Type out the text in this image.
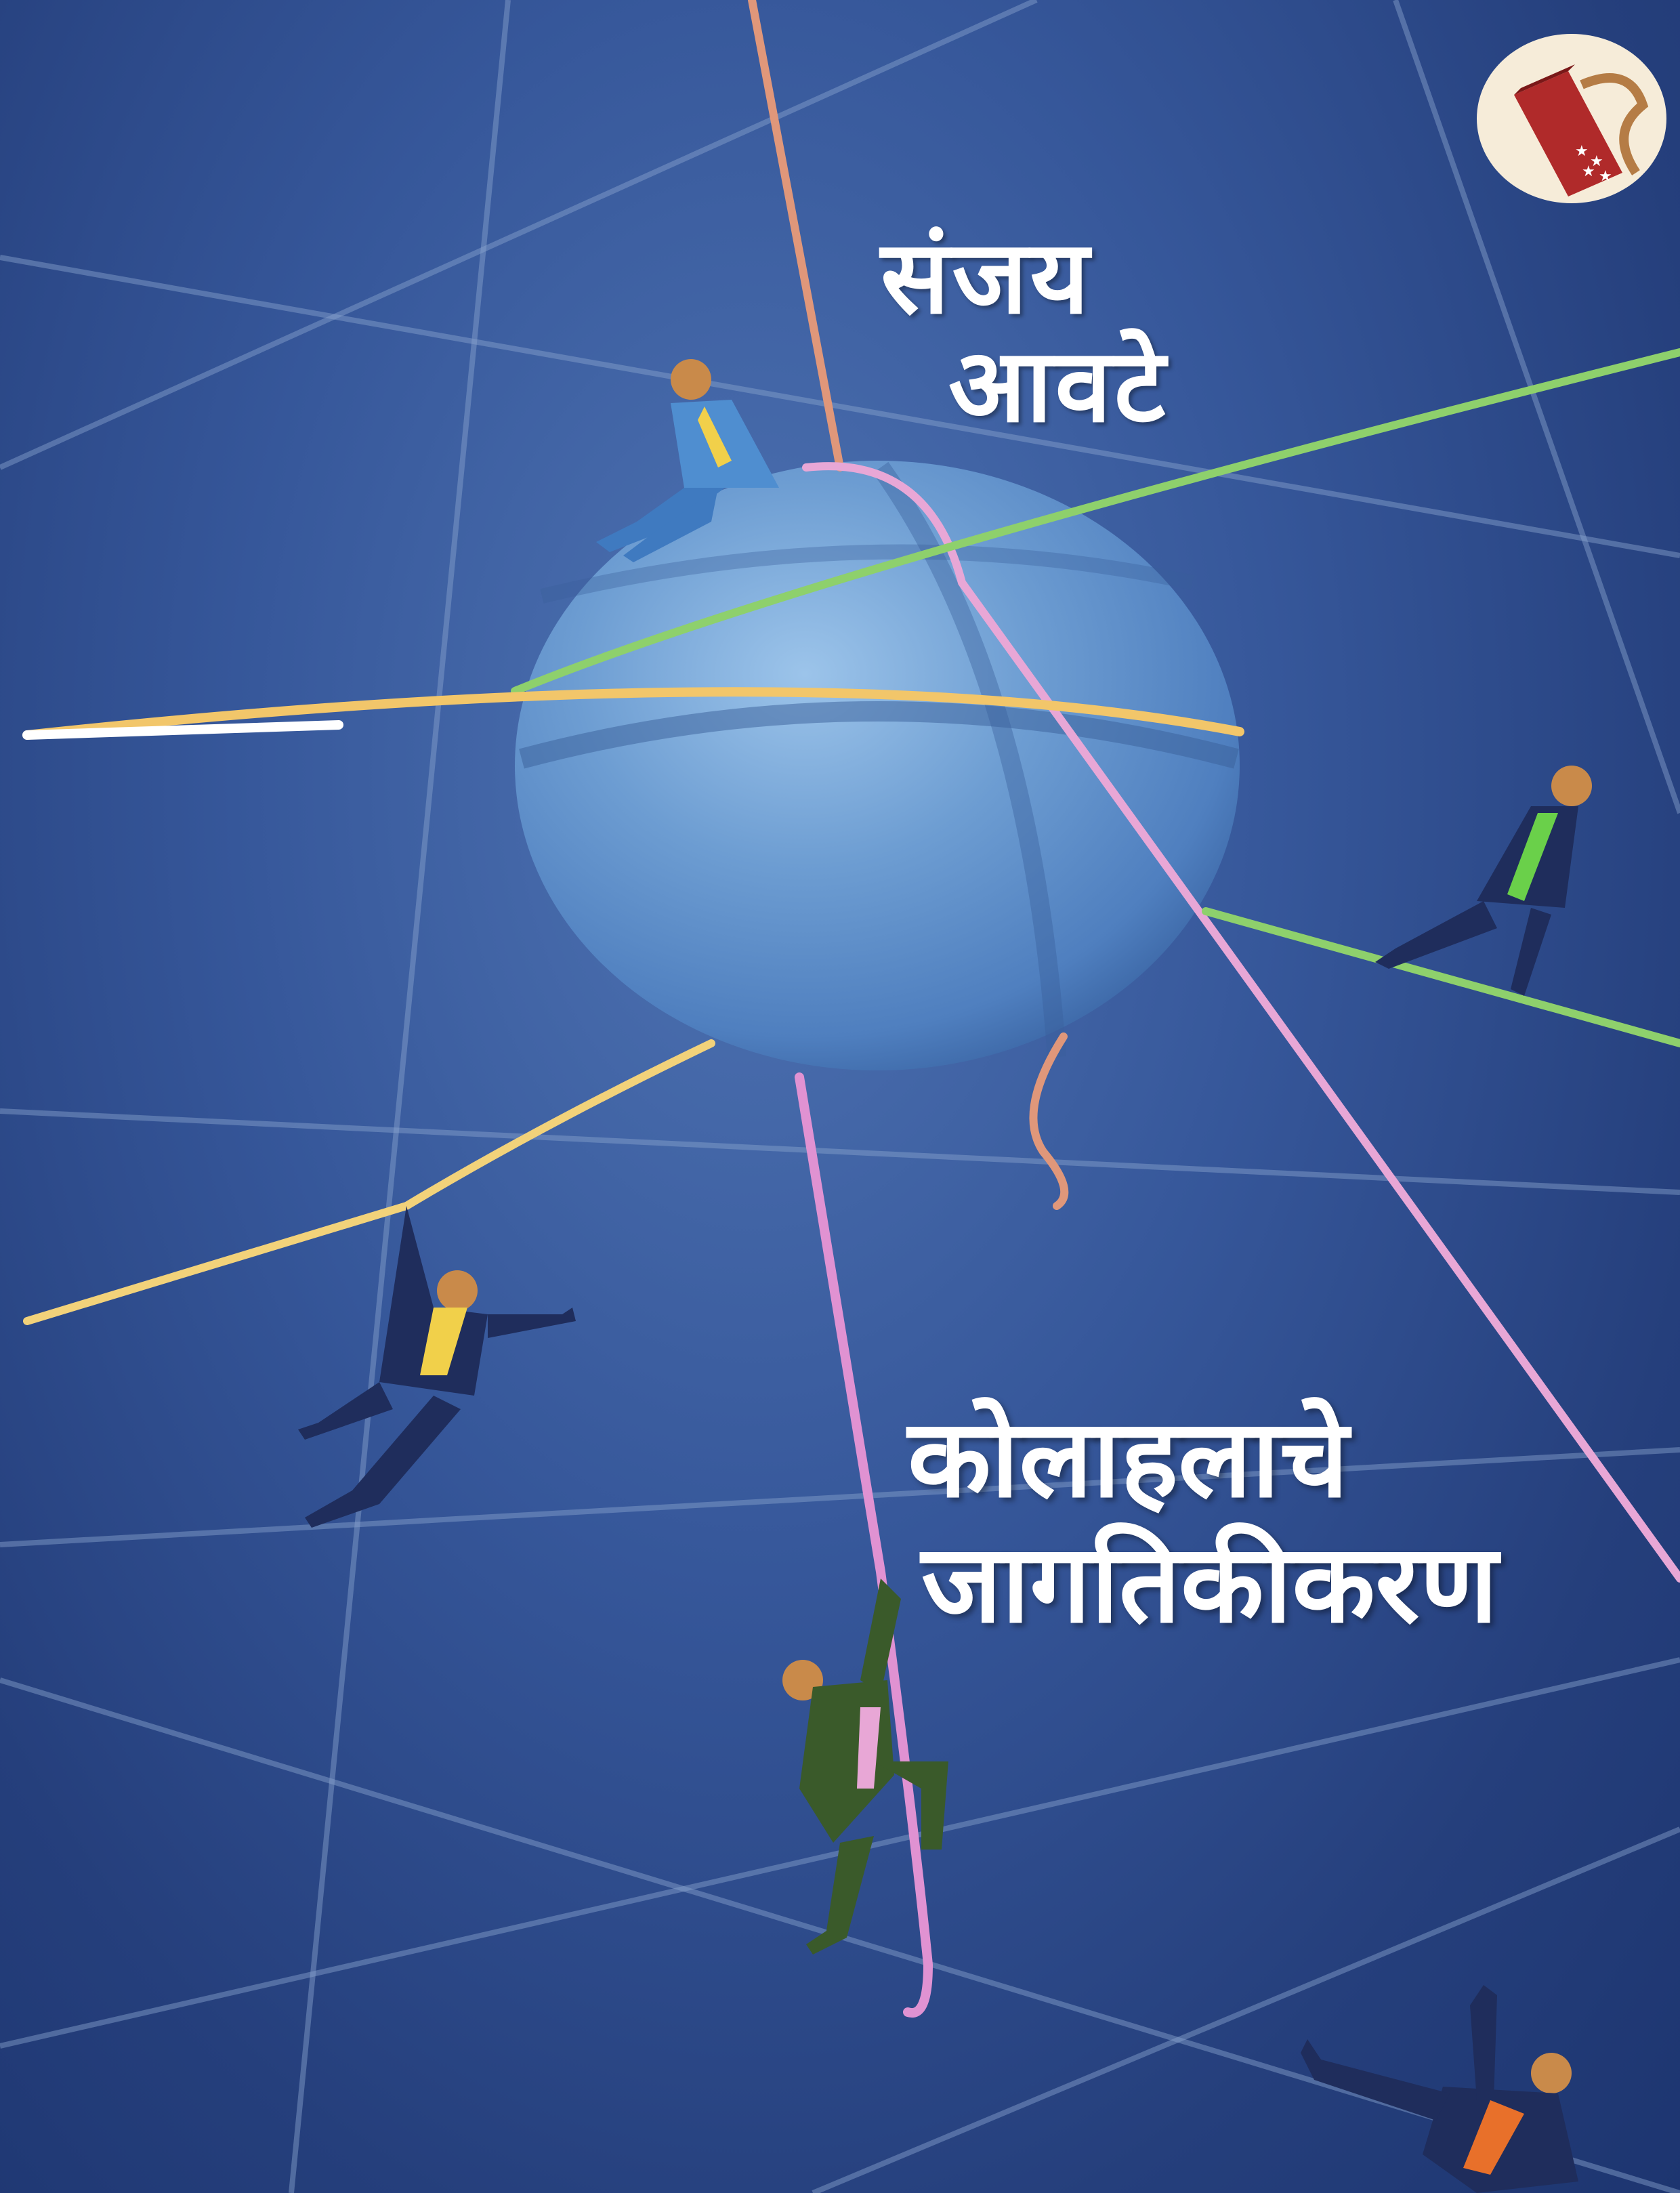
संजय
आवटे
कोलाहलाचे
जागतिकीकरण
★
★
★ ★
